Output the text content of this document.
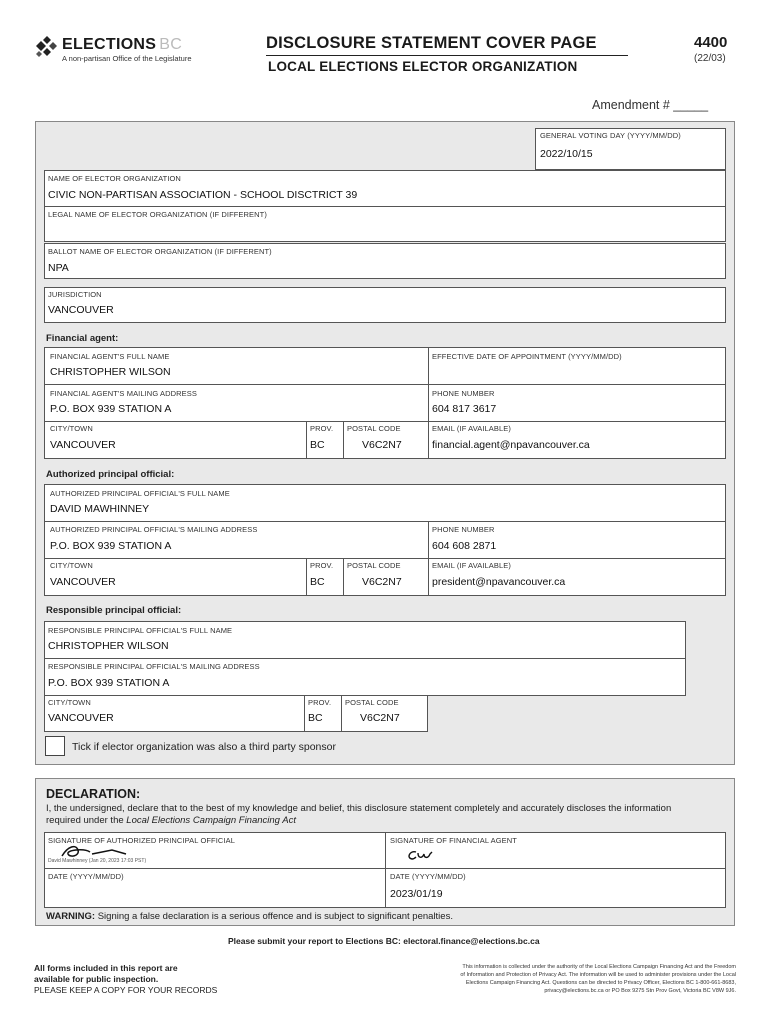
ELECTIONS BC
A non-partisan Office of the Legislature
DISCLOSURE STATEMENT COVER PAGE
LOCAL ELECTIONS ELECTOR ORGANIZATION
4400
(22/03)
Amendment # _____
GENERAL VOTING DAY (YYYY/MM/DD)
2022/10/15
NAME OF ELECTOR ORGANIZATION
CIVIC NON-PARTISAN ASSOCIATION - SCHOOL DISCTRICT 39
LEGAL NAME OF ELECTOR ORGANIZATION (IF DIFFERENT)
BALLOT NAME OF ELECTOR ORGANIZATION (IF DIFFERENT)
NPA
JURISDICTION
VANCOUVER
Financial agent:
FINANCIAL AGENT'S FULL NAME
CHRISTOPHER WILSON
EFFECTIVE DATE OF APPOINTMENT (YYYY/MM/DD)
FINANCIAL AGENT'S MAILING ADDRESS
P.O. BOX 939 STATION A
PHONE NUMBER
604 817 3617
CITY/TOWN
VANCOUVER
PROV.
BC
POSTAL CODE
V6C2N7
EMAIL (IF AVAILABLE)
financial.agent@npavancouver.ca
Authorized principal official:
AUTHORIZED PRINCIPAL OFFICIAL'S FULL NAME
DAVID MAWHINNEY
AUTHORIZED PRINCIPAL OFFICIAL'S MAILING ADDRESS
P.O. BOX 939 STATION A
PHONE NUMBER
604 608 2871
CITY/TOWN
VANCOUVER
PROV.
BC
POSTAL CODE
V6C2N7
EMAIL (IF AVAILABLE)
president@npavancouver.ca
Responsible principal official:
RESPONSIBLE PRINCIPAL OFFICIAL'S FULL NAME
CHRISTOPHER WILSON
RESPONSIBLE PRINCIPAL OFFICIAL'S MAILING ADDRESS
P.O. BOX 939 STATION A
CITY/TOWN
VANCOUVER
PROV.
BC
POSTAL CODE
V6C2N7
Tick if elector organization was also a third party sponsor
DECLARATION:
I, the undersigned, declare that to the best of my knowledge and belief, this disclosure statement completely and accurately discloses the information
required under the Local Elections Campaign Financing Act
SIGNATURE OF AUTHORIZED PRINCIPAL OFFICIAL
David Mawhinney (Jan 20, 2023 17:03 PST)
SIGNATURE OF FINANCIAL AGENT
DATE (YYYY/MM/DD)	DATE (YYYY/MM/DD)
2023/01/19
WARNING: Signing a false declaration is a serious offence and is subject to significant penalties.
Please submit your report to Elections BC: electoral.finance@elections.bc.ca
All forms included in this report are
available for public inspection.
PLEASE KEEP A COPY FOR YOUR RECORDS
This information is collected under the authority of the Local Elections Campaign Financing Act and the Freedom
of Information and Protection of Privacy Act. The information will be used to administer provisions under the Local
Elections Campaign Financing Act. Questions can be directed to Privacy Officer, Elections BC 1-800-661-8683,
privacy@elections.bc.ca or PO Box 9275 Stn Prov Govt, Victoria BC V8W 9J6.
